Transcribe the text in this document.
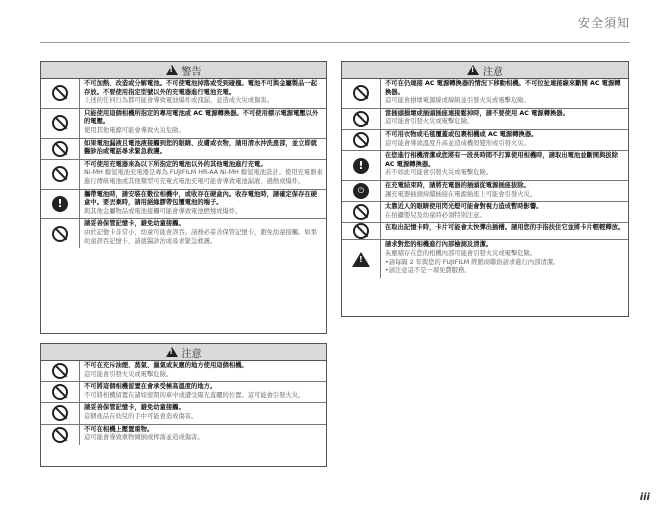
安全須知
!
警告
不可加熱、改造或分解電池。不可使電池掉落或受到碰撞。電池不可與金屬製品一起存放。不要使用指定型號以外的充電器進行電池充電。
上述的任何行為都可能會導致電池爆炸或洩漏，並造成火災或傷害。
只能使用這個相機所指定的專用電池或 AC 電源轉換器。不可使用標示電源電壓以外的電壓。
使用其他電源可能會導致火災危險。
如果電池漏液且電池液接觸到您的眼睛、皮膚或衣物，請用清水沖洗患部，並立即就醫診治或電話尋求緊急救護。
不可使用充電器來為以下所指定的電池以外的其他電池進行充電。
Ni-MH 鎳氫電池充電器是專為 FUJIFILM HR-AA Ni-MH 鎳氫電池設計。使用充電器來進行傳統電池或其他類型可充電式電池充電可能會導致電池漏液、過熱或爆炸。
!
攜帶電池時，請安裝在數位相機中，或收存在硬盒內。收存電池時，請確定保存在硬盒中。要丟棄時，請用絕緣膠帶包覆電池的端子。
與其他金屬物品或電池接觸可能會導致電池燃燒或爆炸。
請妥善保管記憶卡，避免幼童接觸。
由於記憶卡非常小，幼童可能會誤吞。請務必妥善保管記憶卡，避免幼童接觸。如果幼童誤吞記憶卡，請就醫診治或尋求緊急救護。
!
注意
不可在充斥油煙、蒸氣、濕氣或灰塵的地方使用這個相機。
這可能會引發火災或電擊危險。
不可將這個相機留置在會承受極高溫度的地方。
不可將相機留置在諸如密閉的車中或遭受陽光直曬的位置。這可能會引發火災。
請妥善保管記憶卡，避免幼童接觸。
這個產品在幼兒的手中可能會造成傷害。
不可在相機上壓置重物。
這可能會導致重物傾倒或摔落並造成傷害。
!
注意
不可在仍連接 AC 電源轉換器的情況下移動相機。不可拉扯連接線來斷開 AC 電源轉換器。
這可能會損壞電源線或線組並引發火災或電擊危險。
當插頭損壞或插頭插座連接鬆掉時，請不要使用 AC 電源轉換器。
這可能會引發火災或電擊危險。
不可用衣物或毛毯覆蓋或包裹相機或 AC 電源轉換器。
這可能會導致溫度升高並造成機殼變形或引發火災。
!
在您進行相機清潔或您將有一段長時間不打算使用相機時，請取出電池並斷開與拔除 AC 電源轉換器。
若不如此可能會引發火災或電擊危險。
⏻
在充電結束時，請將充電器的插頭從電源插座拔除。
讓充電器插頭持續插接在電源插座上可能會引發火災。
太靠近人的眼睛使用閃光燈可能會對視力造成暫時影響。
在拍攝嬰兒及幼童時必須特別注意。
在取出記憶卡時，卡片可能會太快彈出插槽。請用您的手指扶住它並將卡片輕輕釋放。
!
請求對您的相機進行內部檢測及清潔。
灰塵積存在您的相機內部可能會引發火災或電擊危險。
•請每隔 2 年與您的 FUJIFILM 經銷商聯絡請求進行內部清潔。
•請注意這不是一項免費服務。
iii
